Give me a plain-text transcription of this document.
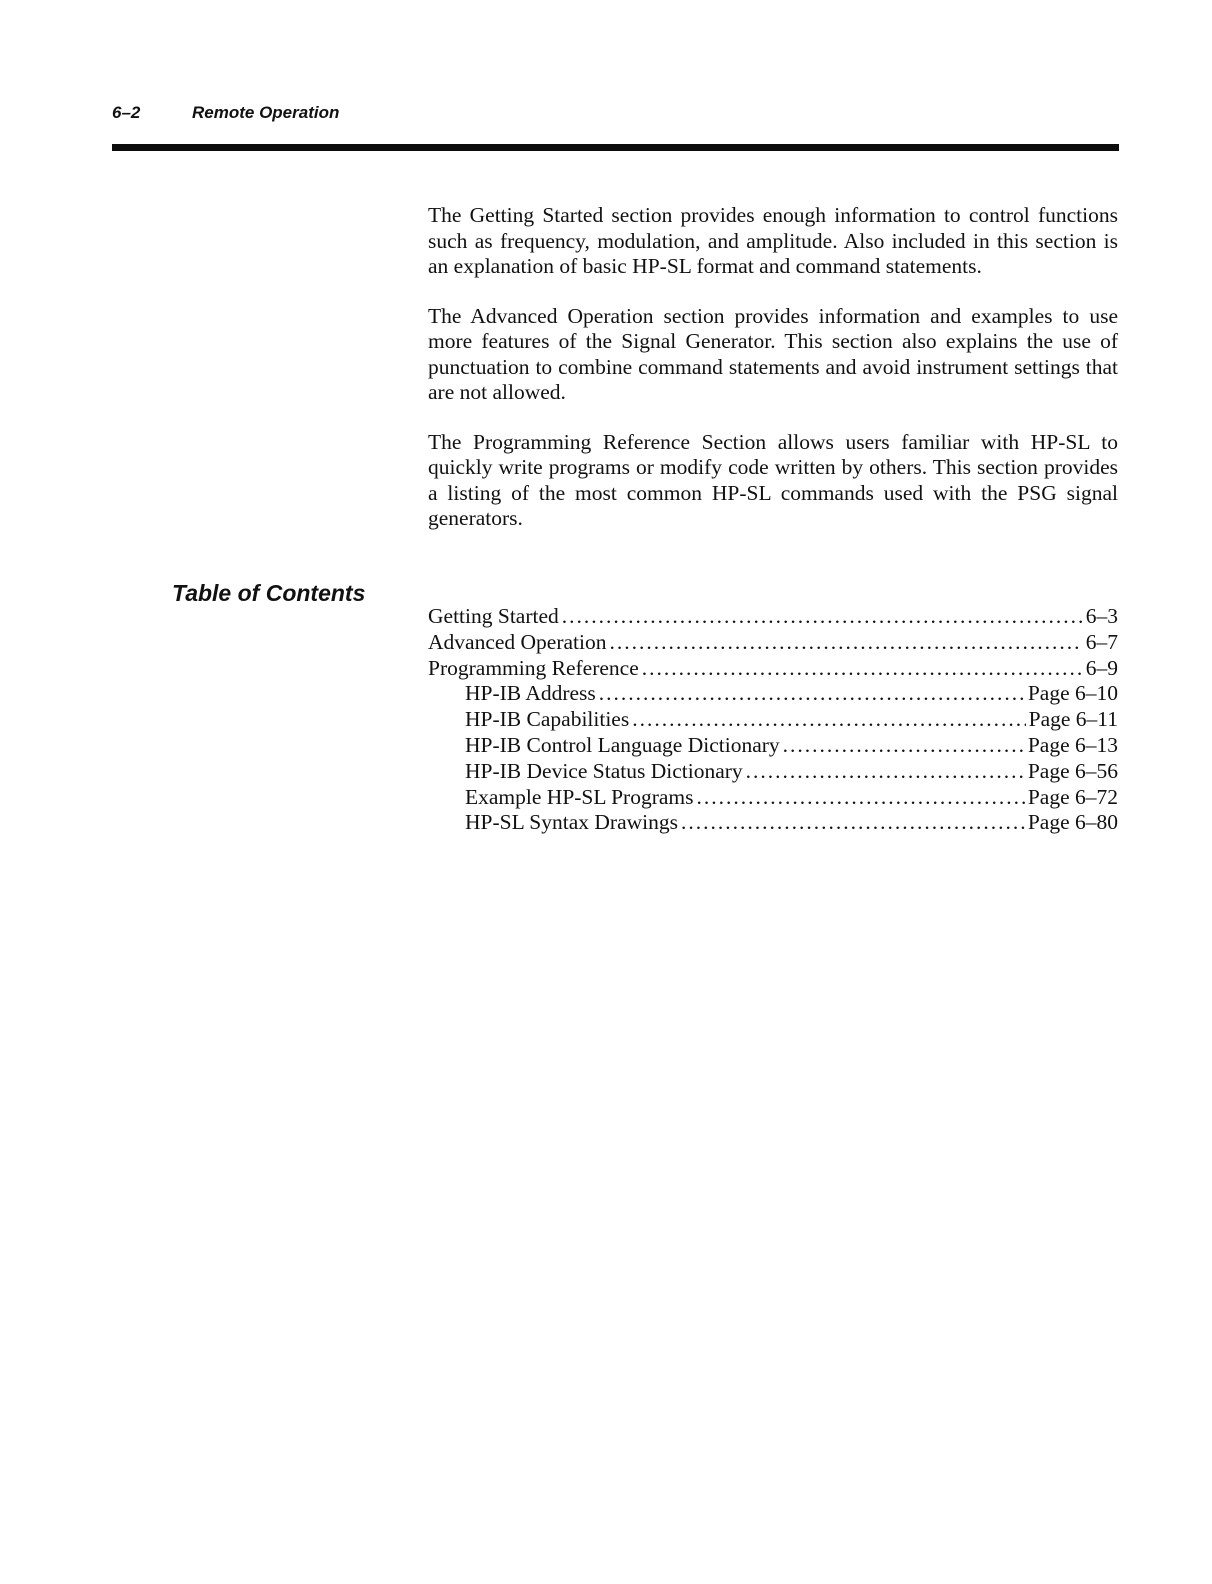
6–2	Remote Operation

The Getting Started section provides enough information to control functions such as frequency, modulation, and amplitude. Also included in this section is an explanation of basic HP-SL format and command statements.

The Advanced Operation section provides information and examples to use more features of the Signal Generator. This section also explains the use of punctuation to combine command statements and avoid instrument settings that are not allowed.

The Programming Reference Section allows users familiar with HP-SL to quickly write programs or modify code written by others. This section provides a listing of the most common HP-SL commands used with the PSG signal generators.

Table of Contents
Getting Started .....	6–3
Advanced Operation .....	6–7
Programming Reference .....	6–9
HP-IB Address .....	Page 6–10
HP-IB Capabilities .....	Page 6–11
HP-IB Control Language Dictionary .....	Page 6–13
HP-IB Device Status Dictionary .....	Page 6–56
Example HP-SL Programs .....	Page 6–72
HP-SL Syntax Drawings .....	Page 6–80
